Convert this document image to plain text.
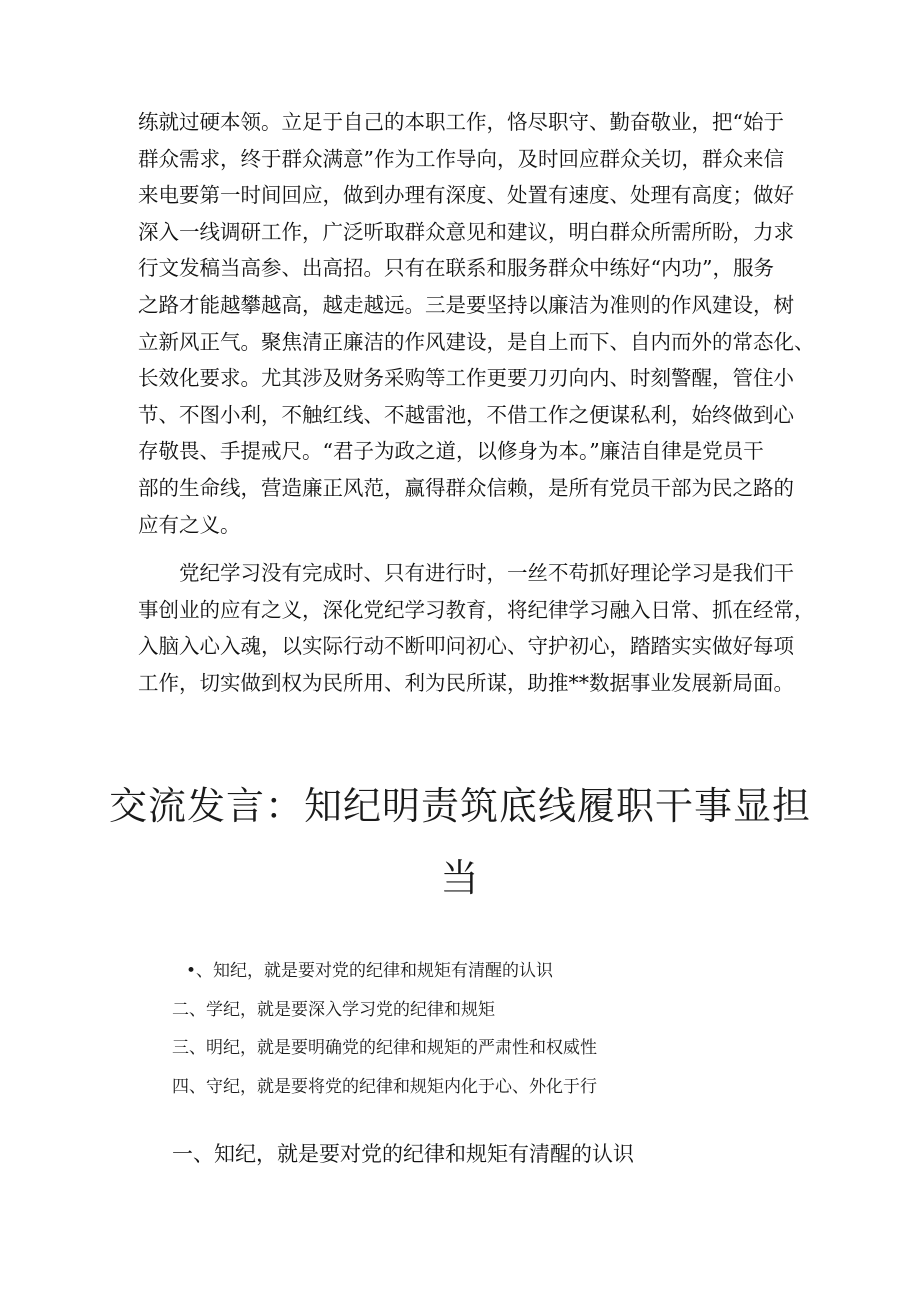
练就过硬本领。立足于自己的本职工作，恪尽职守、勤奋敬业，把“始于
群众需求，终于群众满意”作为工作导向，及时回应群众关切，群众来信
来电要第一时间回应，做到办理有深度、处置有速度、处理有高度；做好
深入一线调研工作，广泛听取群众意见和建议，明白群众所需所盼，力求
行文发稿当高参、出高招。只有在联系和服务群众中练好“内功”，服务
之路才能越攀越高，越走越远。三是要坚持以廉洁为准则的作风建设，树
立新风正气。聚焦清正廉洁的作风建设，是自上而下、自内而外的常态化、
长效化要求。尤其涉及财务采购等工作更要刀刃向内、时刻警醒，管住小
节、不图小利，不触红线、不越雷池，不借工作之便谋私利，始终做到心
存敬畏、手提戒尺。“君子为政之道，以修身为本。”廉洁自律是党员干
部的生命线，营造廉正风范，赢得群众信赖，是所有党员干部为民之路的
应有之义。
党纪学习没有完成时、只有进行时，一丝不苟抓好理论学习是我们干
事创业的应有之义，深化党纪学习教育，将纪律学习融入日常、抓在经常，
入脑入心入魂，以实际行动不断叩问初心、守护初心，踏踏实实做好每项
工作，切实做到权为民所用、利为民所谋，助推**数据事业发展新局面。
交流发言：知纪明责筑底线履职干事显担
当
•、知纪，就是要对党的纪律和规矩有清醒的认识
二、学纪，就是要深入学习党的纪律和规矩
三、明纪，就是要明确党的纪律和规矩的严肃性和权威性
四、守纪，就是要将党的纪律和规矩内化于心、外化于行
一、知纪，就是要对党的纪律和规矩有清醒的认识
